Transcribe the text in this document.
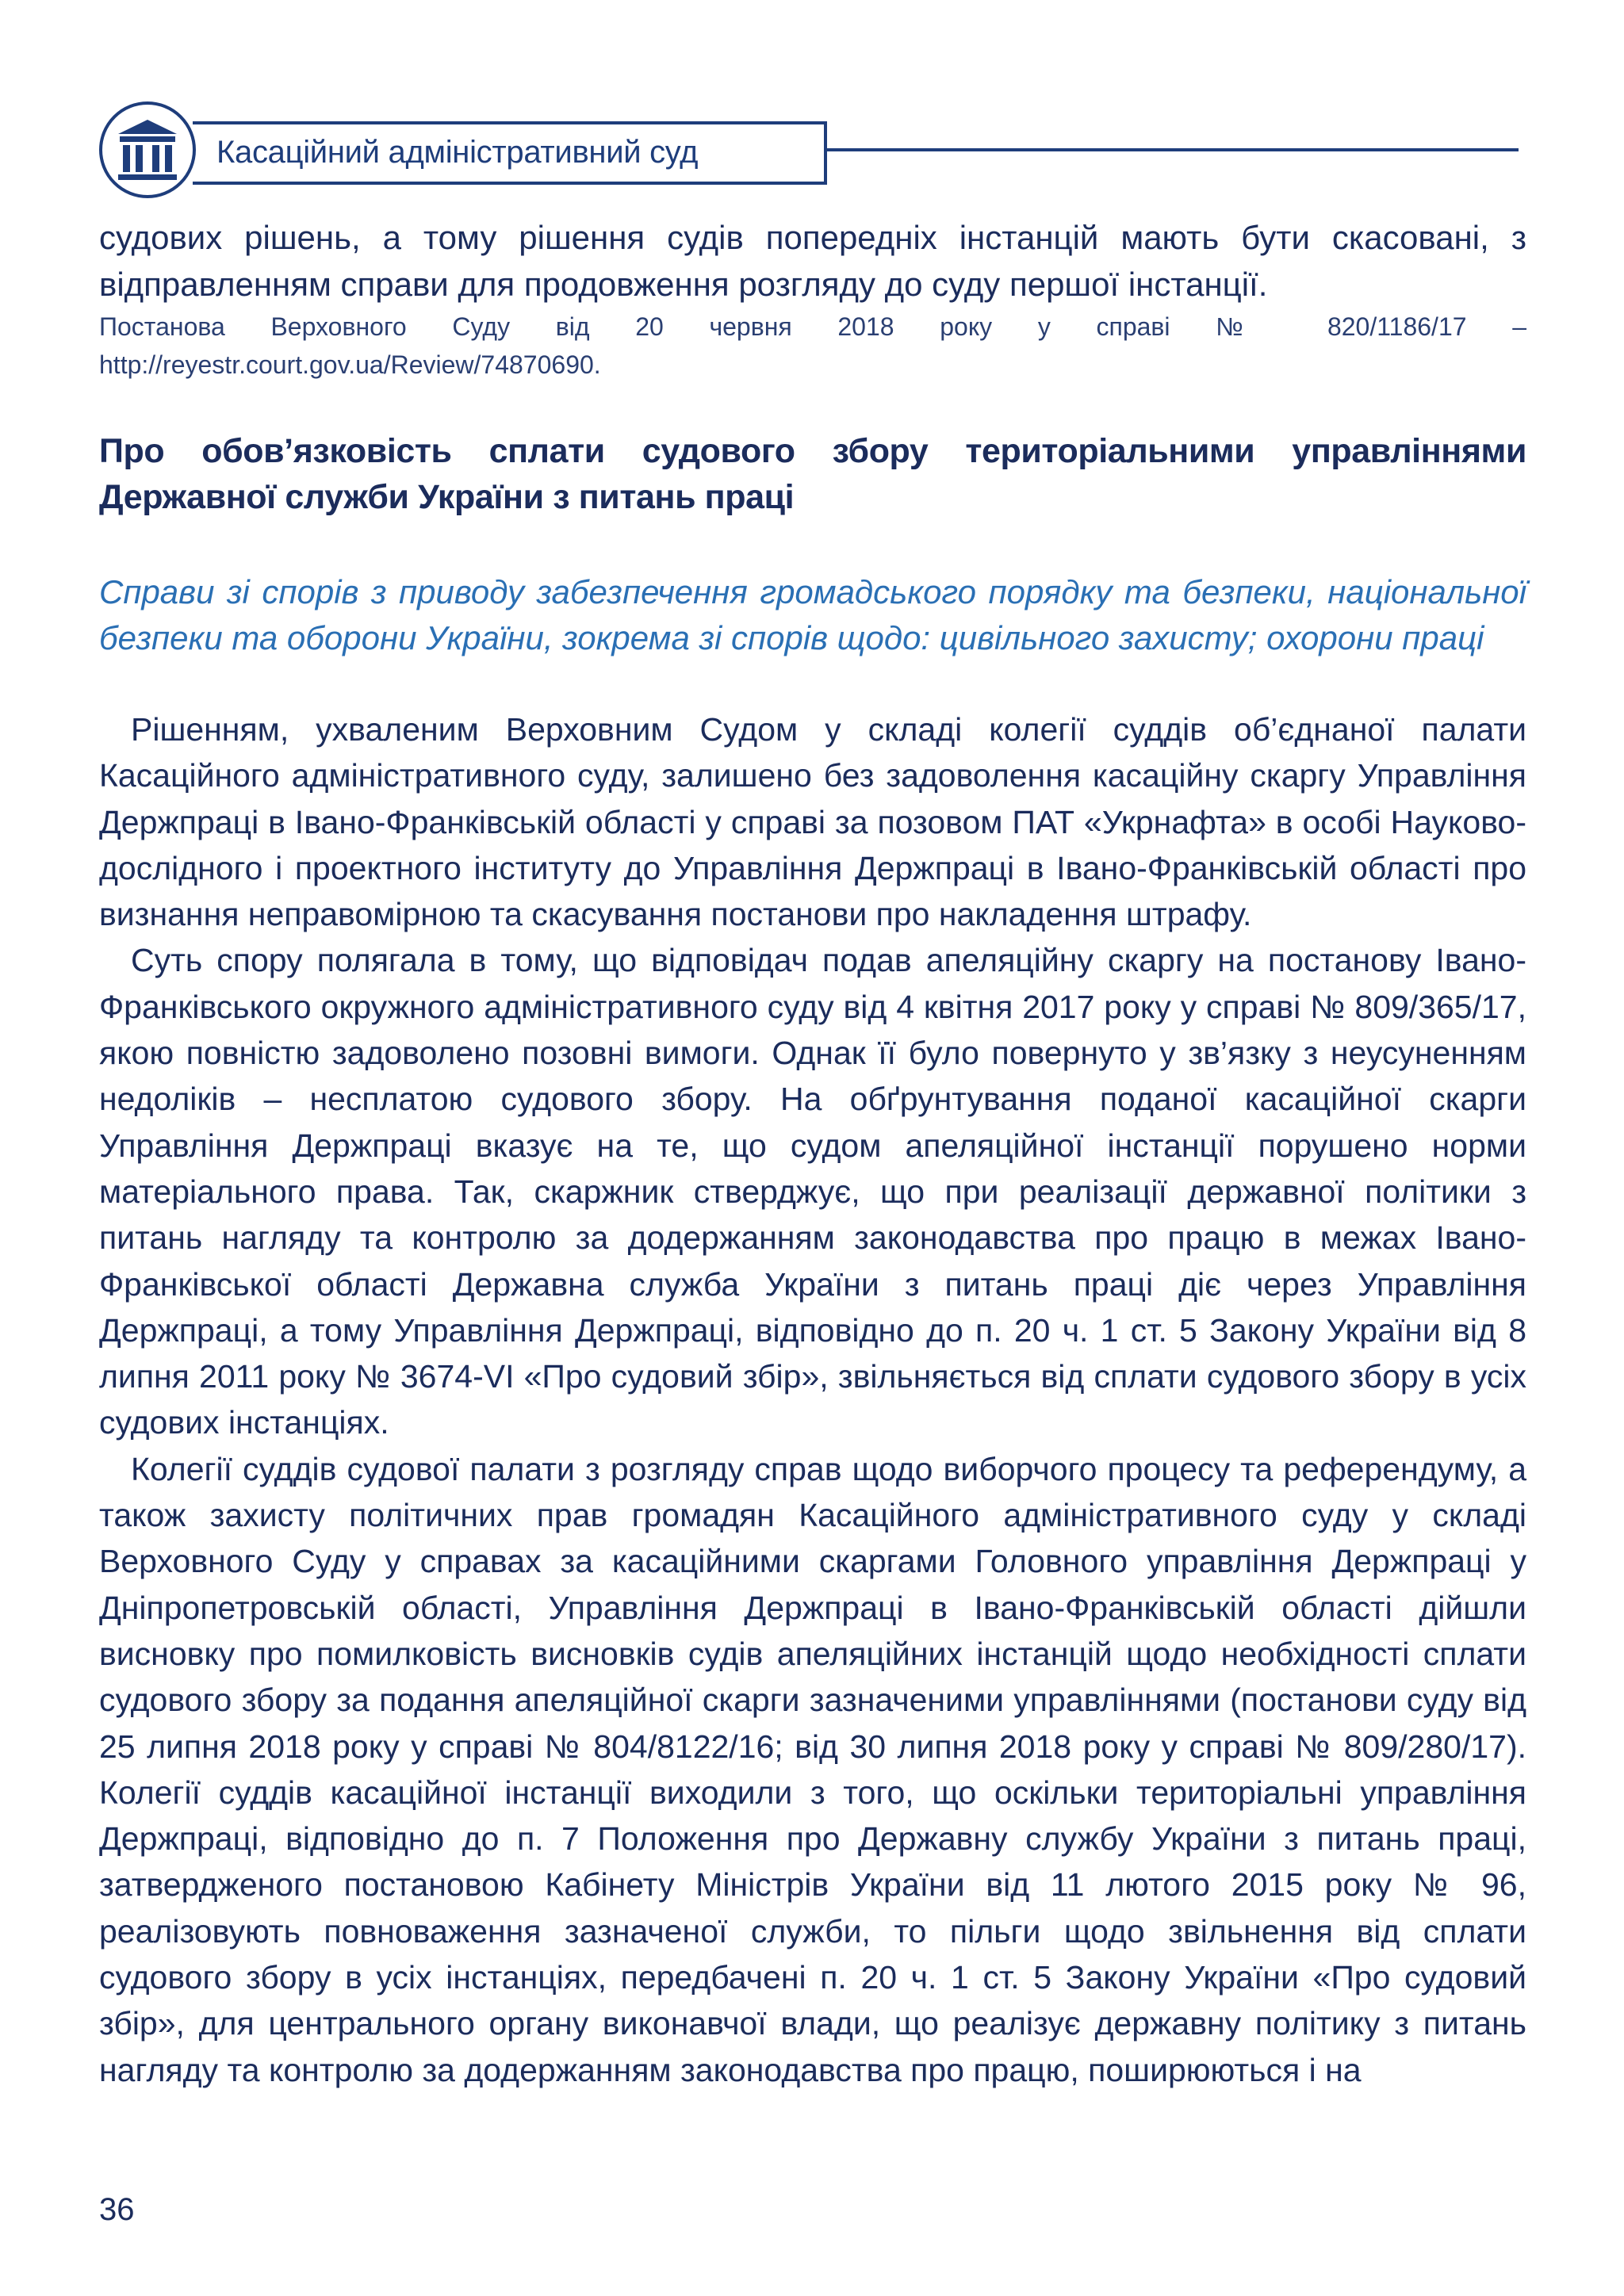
Касаційний адміністративний суд
судових рішень, а тому рішення судів попередніх інстанцій мають бути скасовані, з відправленням справи для продовження розгляду до суду першої інстанції.
Постанова Верховного Суду від 20 червня 2018 року у справі № 820/1186/17 – http://reyestr.court.gov.ua/Review/74870690.
Про обов’язковість сплати судового збору територіальними управліннями Державної служби України з питань праці
Справи зі спорів з приводу забезпечення громадського порядку та безпеки, національної безпеки та оборони України, зокрема зі спорів щодо: цивільного захисту; охорони праці

Рішенням, ухваленим Верховним Судом у складі колегії суддів об’єднаної палати Касаційного адміністративного суду, залишено без задоволення касаційну скаргу Управління Держпраці в Івано-Франківській області у справі за позовом ПАТ «Укрнафта» в особі Науково-дослідного і проектного інституту до Управління Держпраці в Івано-Франківській області про визнання неправомірною та скасування постанови про накладення штрафу.

Суть спору полягала в тому, що відповідач подав апеляційну скаргу на постанову Івано-Франківського окружного адміністративного суду від 4 квітня 2017 року у справі № 809/365/17, якою повністю задоволено позовні вимоги. Однак її було повернуто у зв’язку з неусуненням недоліків – несплатою судового збору. На обґрунтування поданої касаційної скарги Управління Держпраці вказує на те, що судом апеляційної інстанції порушено норми матеріального права. Так, скаржник стверджує, що при реалізації державної політики з питань нагляду та контролю за додержанням законодавства про працю в межах Івано-Франківської області Державна служба України з питань праці діє через Управління Держпраці, а тому Управління Держпраці, відповідно до п. 20 ч. 1 ст. 5 Закону України від 8 липня 2011 року № 3674-VI «Про судовий збір», звільняється від сплати судового збору в усіх судових інстанціях.

Колегії суддів судової палати з розгляду справ щодо виборчого процесу та референдуму, а також захисту політичних прав громадян Касаційного адміністративного суду у складі Верховного Суду у справах за касаційними скаргами Головного управління Держпраці у Дніпропетровській області, Управління Держпраці в Івано-Франківській області дійшли висновку про помилковість висновків судів апеляційних інстанцій щодо необхідності сплати судового збору за подання апеляційної скарги зазначеними управліннями (постанови суду від 25 липня 2018 року у справі № 804/8122/16; від 30 липня 2018 року у справі № 809/280/17). Колегії суддів касаційної інстанції виходили з того, що оскільки територіальні управління Держпраці, відповідно до п. 7 Положення про Державну службу України з питань праці, затвердженого постановою Кабінету Міністрів України від 11 лютого 2015 року № 96, реалізовують повноваження зазначеної служби, то пільги щодо звільнення від сплати судового збору в усіх інстанціях, передбачені п. 20 ч. 1 ст. 5 Закону України «Про судовий збір», для центрального органу виконавчої влади, що реалізує державну політику з питань нагляду та контролю за додержанням законодавства про працю, поширюються і на

36
